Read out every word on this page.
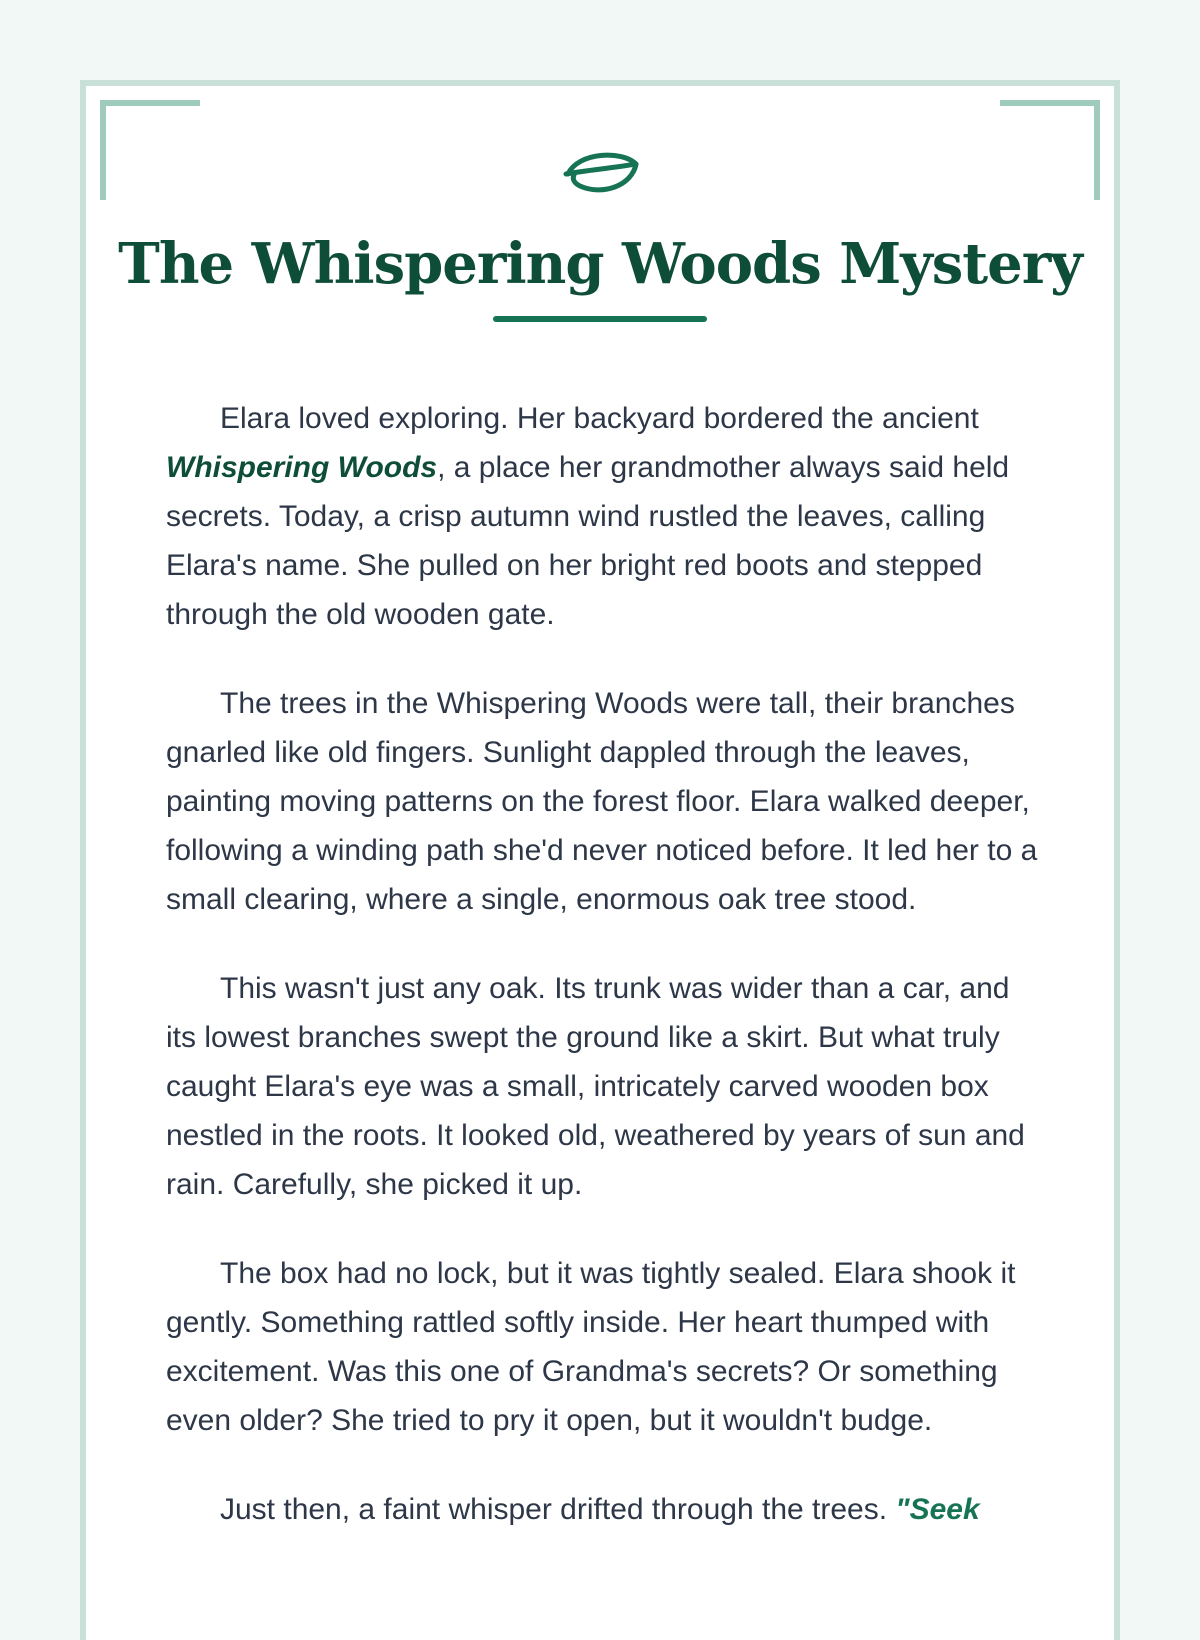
The Whispering Woods Mystery

Elara loved exploring. Her backyard bordered the ancient Whispering Woods, a place her grandmother always said held secrets. Today, a crisp autumn wind rustled the leaves, calling Elara's name. She pulled on her bright red boots and stepped through the old wooden gate.

The trees in the Whispering Woods were tall, their branches gnarled like old fingers. Sunlight dappled through the leaves, painting moving patterns on the forest floor. Elara walked deeper, following a winding path she'd never noticed before. It led her to a small clearing, where a single, enormous oak tree stood.

This wasn't just any oak. Its trunk was wider than a car, and its lowest branches swept the ground like a skirt. But what truly caught Elara's eye was a small, intricately carved wooden box nestled in the roots. It looked old, weathered by years of sun and rain. Carefully, she picked it up.

The box had no lock, but it was tightly sealed. Elara shook it gently. Something rattled softly inside. Her heart thumped with excitement. Was this one of Grandma's secrets? Or something even older? She tried to pry it open, but it wouldn't budge.

Just then, a faint whisper drifted through the trees. "Seek
